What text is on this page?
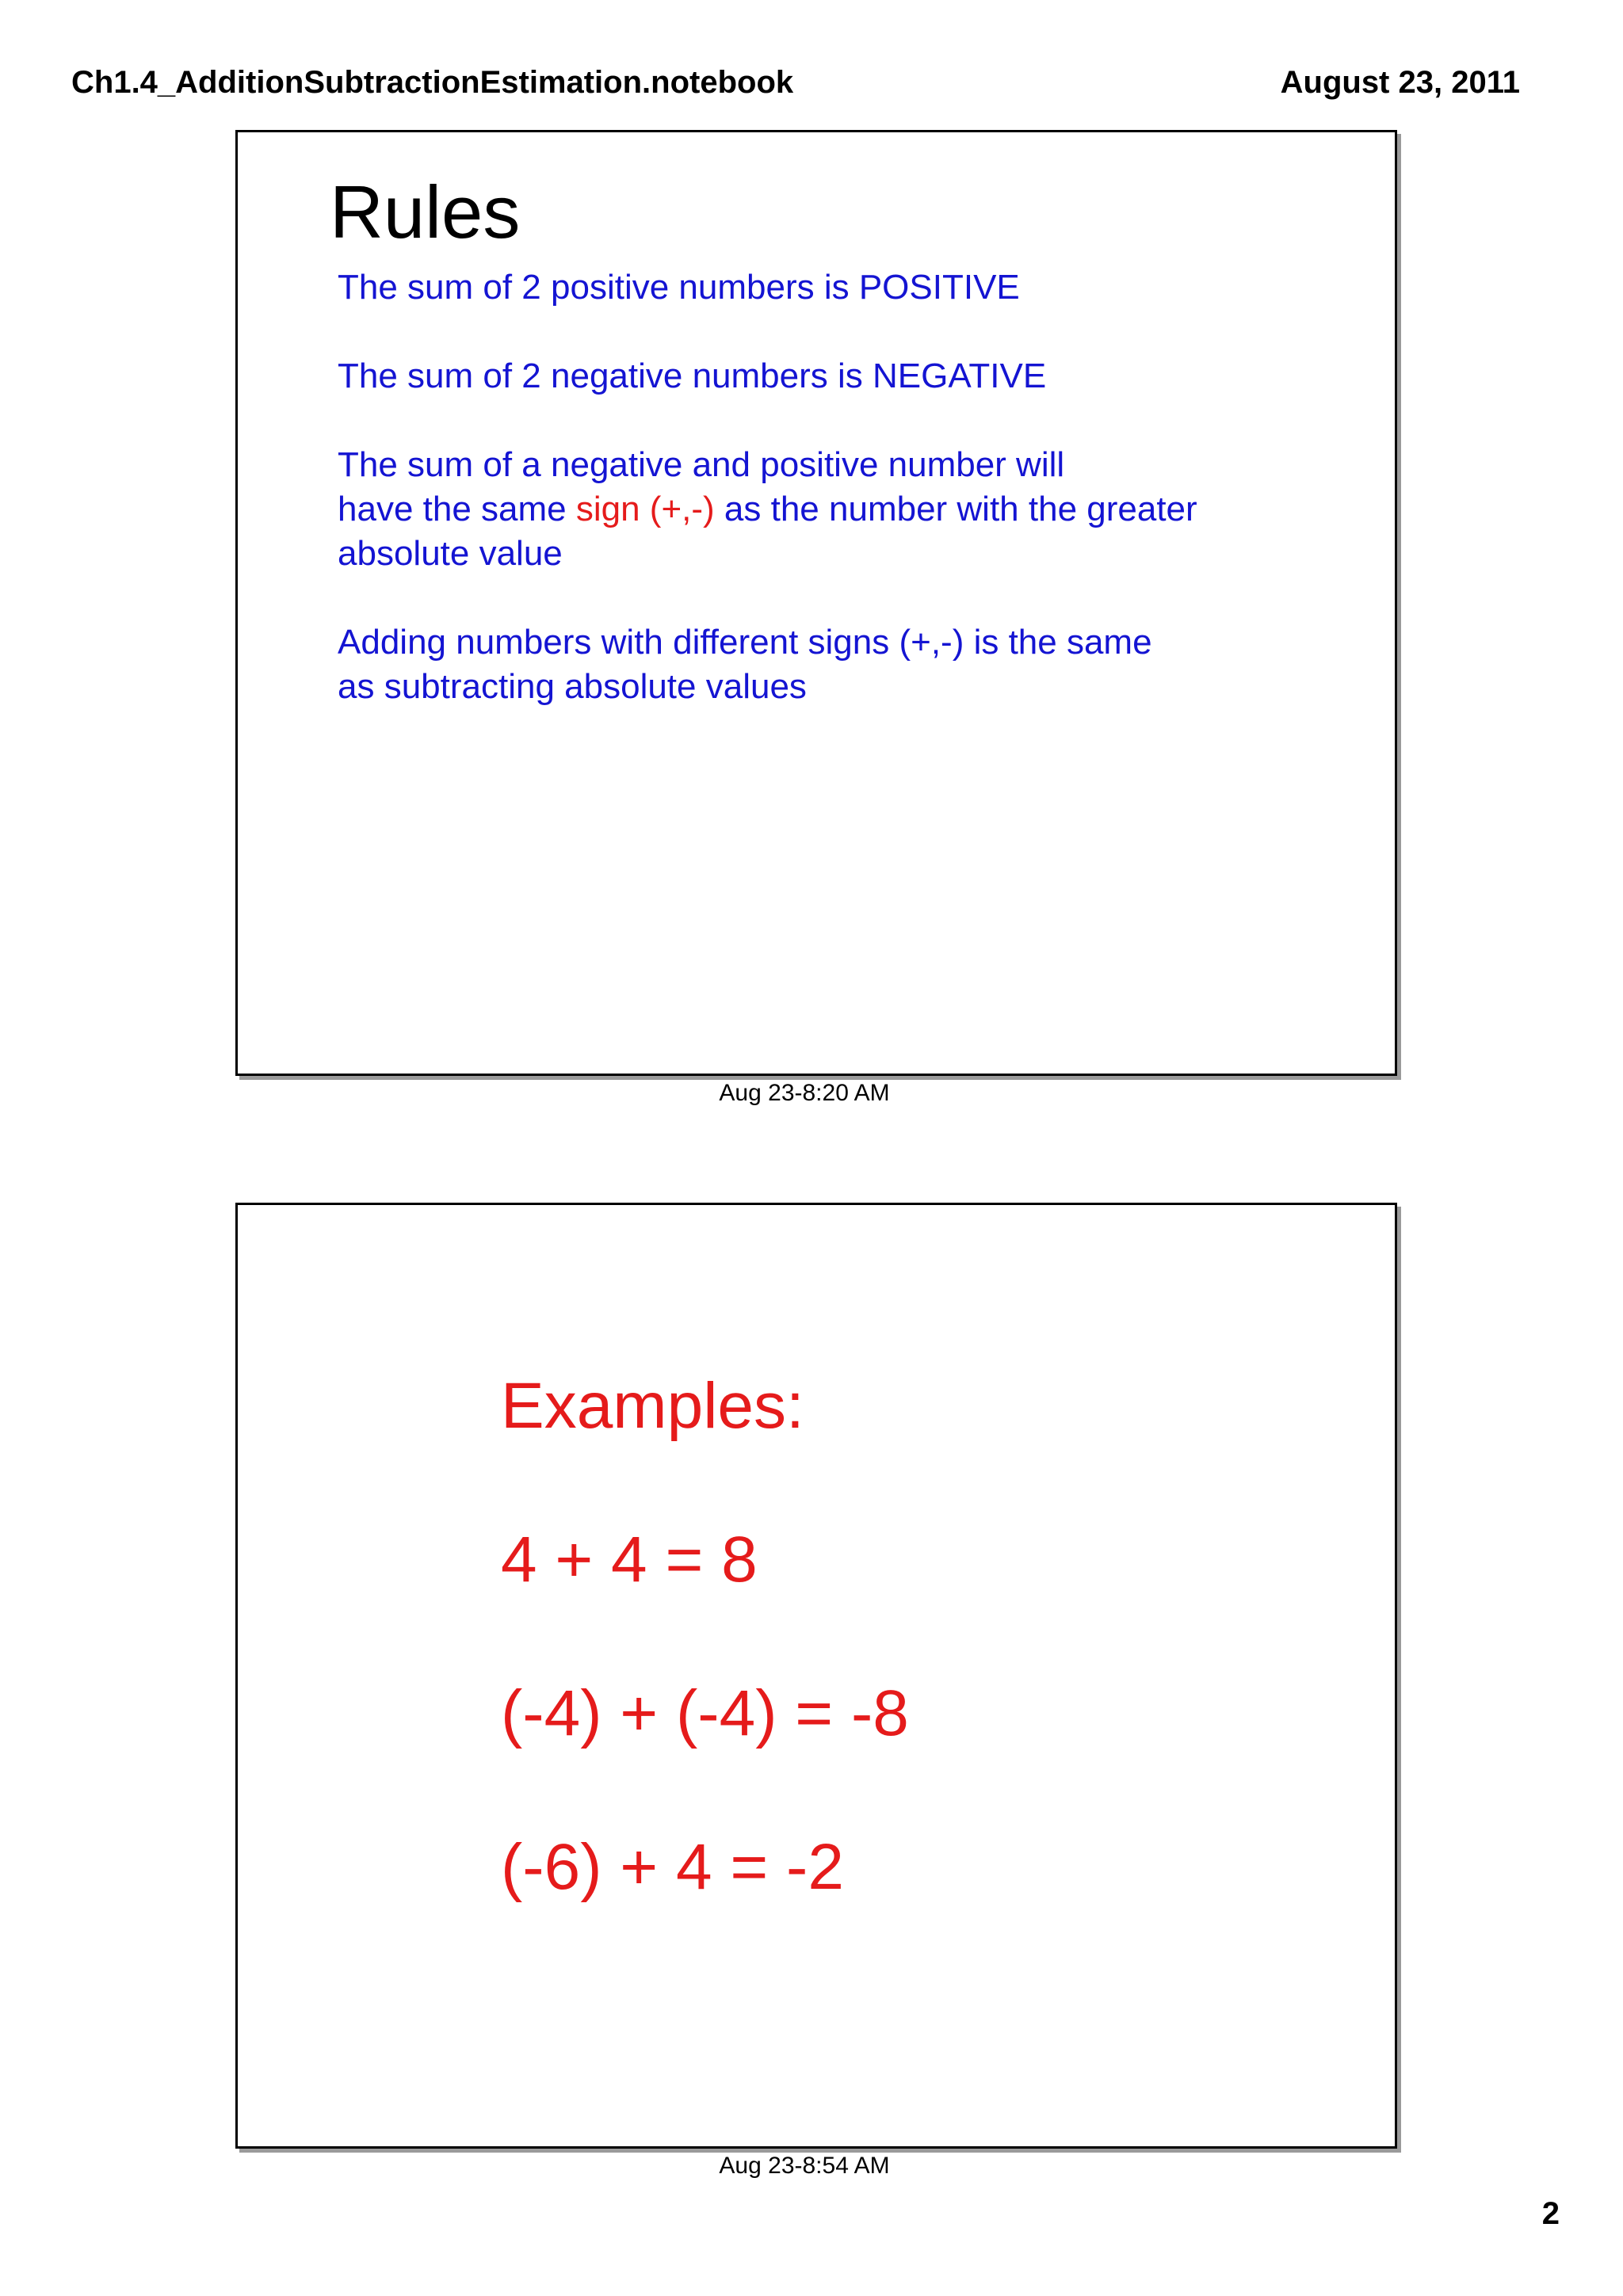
Ch1.4_AdditionSubtractionEstimation.notebook	August 23, 2011
Rules

The sum of 2 positive numbers is POSITIVE

The sum of 2 negative numbers is NEGATIVE

The sum of a negative and positive number will
have the same sign (+,-) as the number with the greater
absolute value

Adding numbers with different signs (+,-) is the same
as subtracting absolute values

Aug 23-8:20 AM

Examples:

4 + 4 = 8

(-4) + (-4) = -8

(-6) + 4 = -2

Aug 23-8:54 AM
2
